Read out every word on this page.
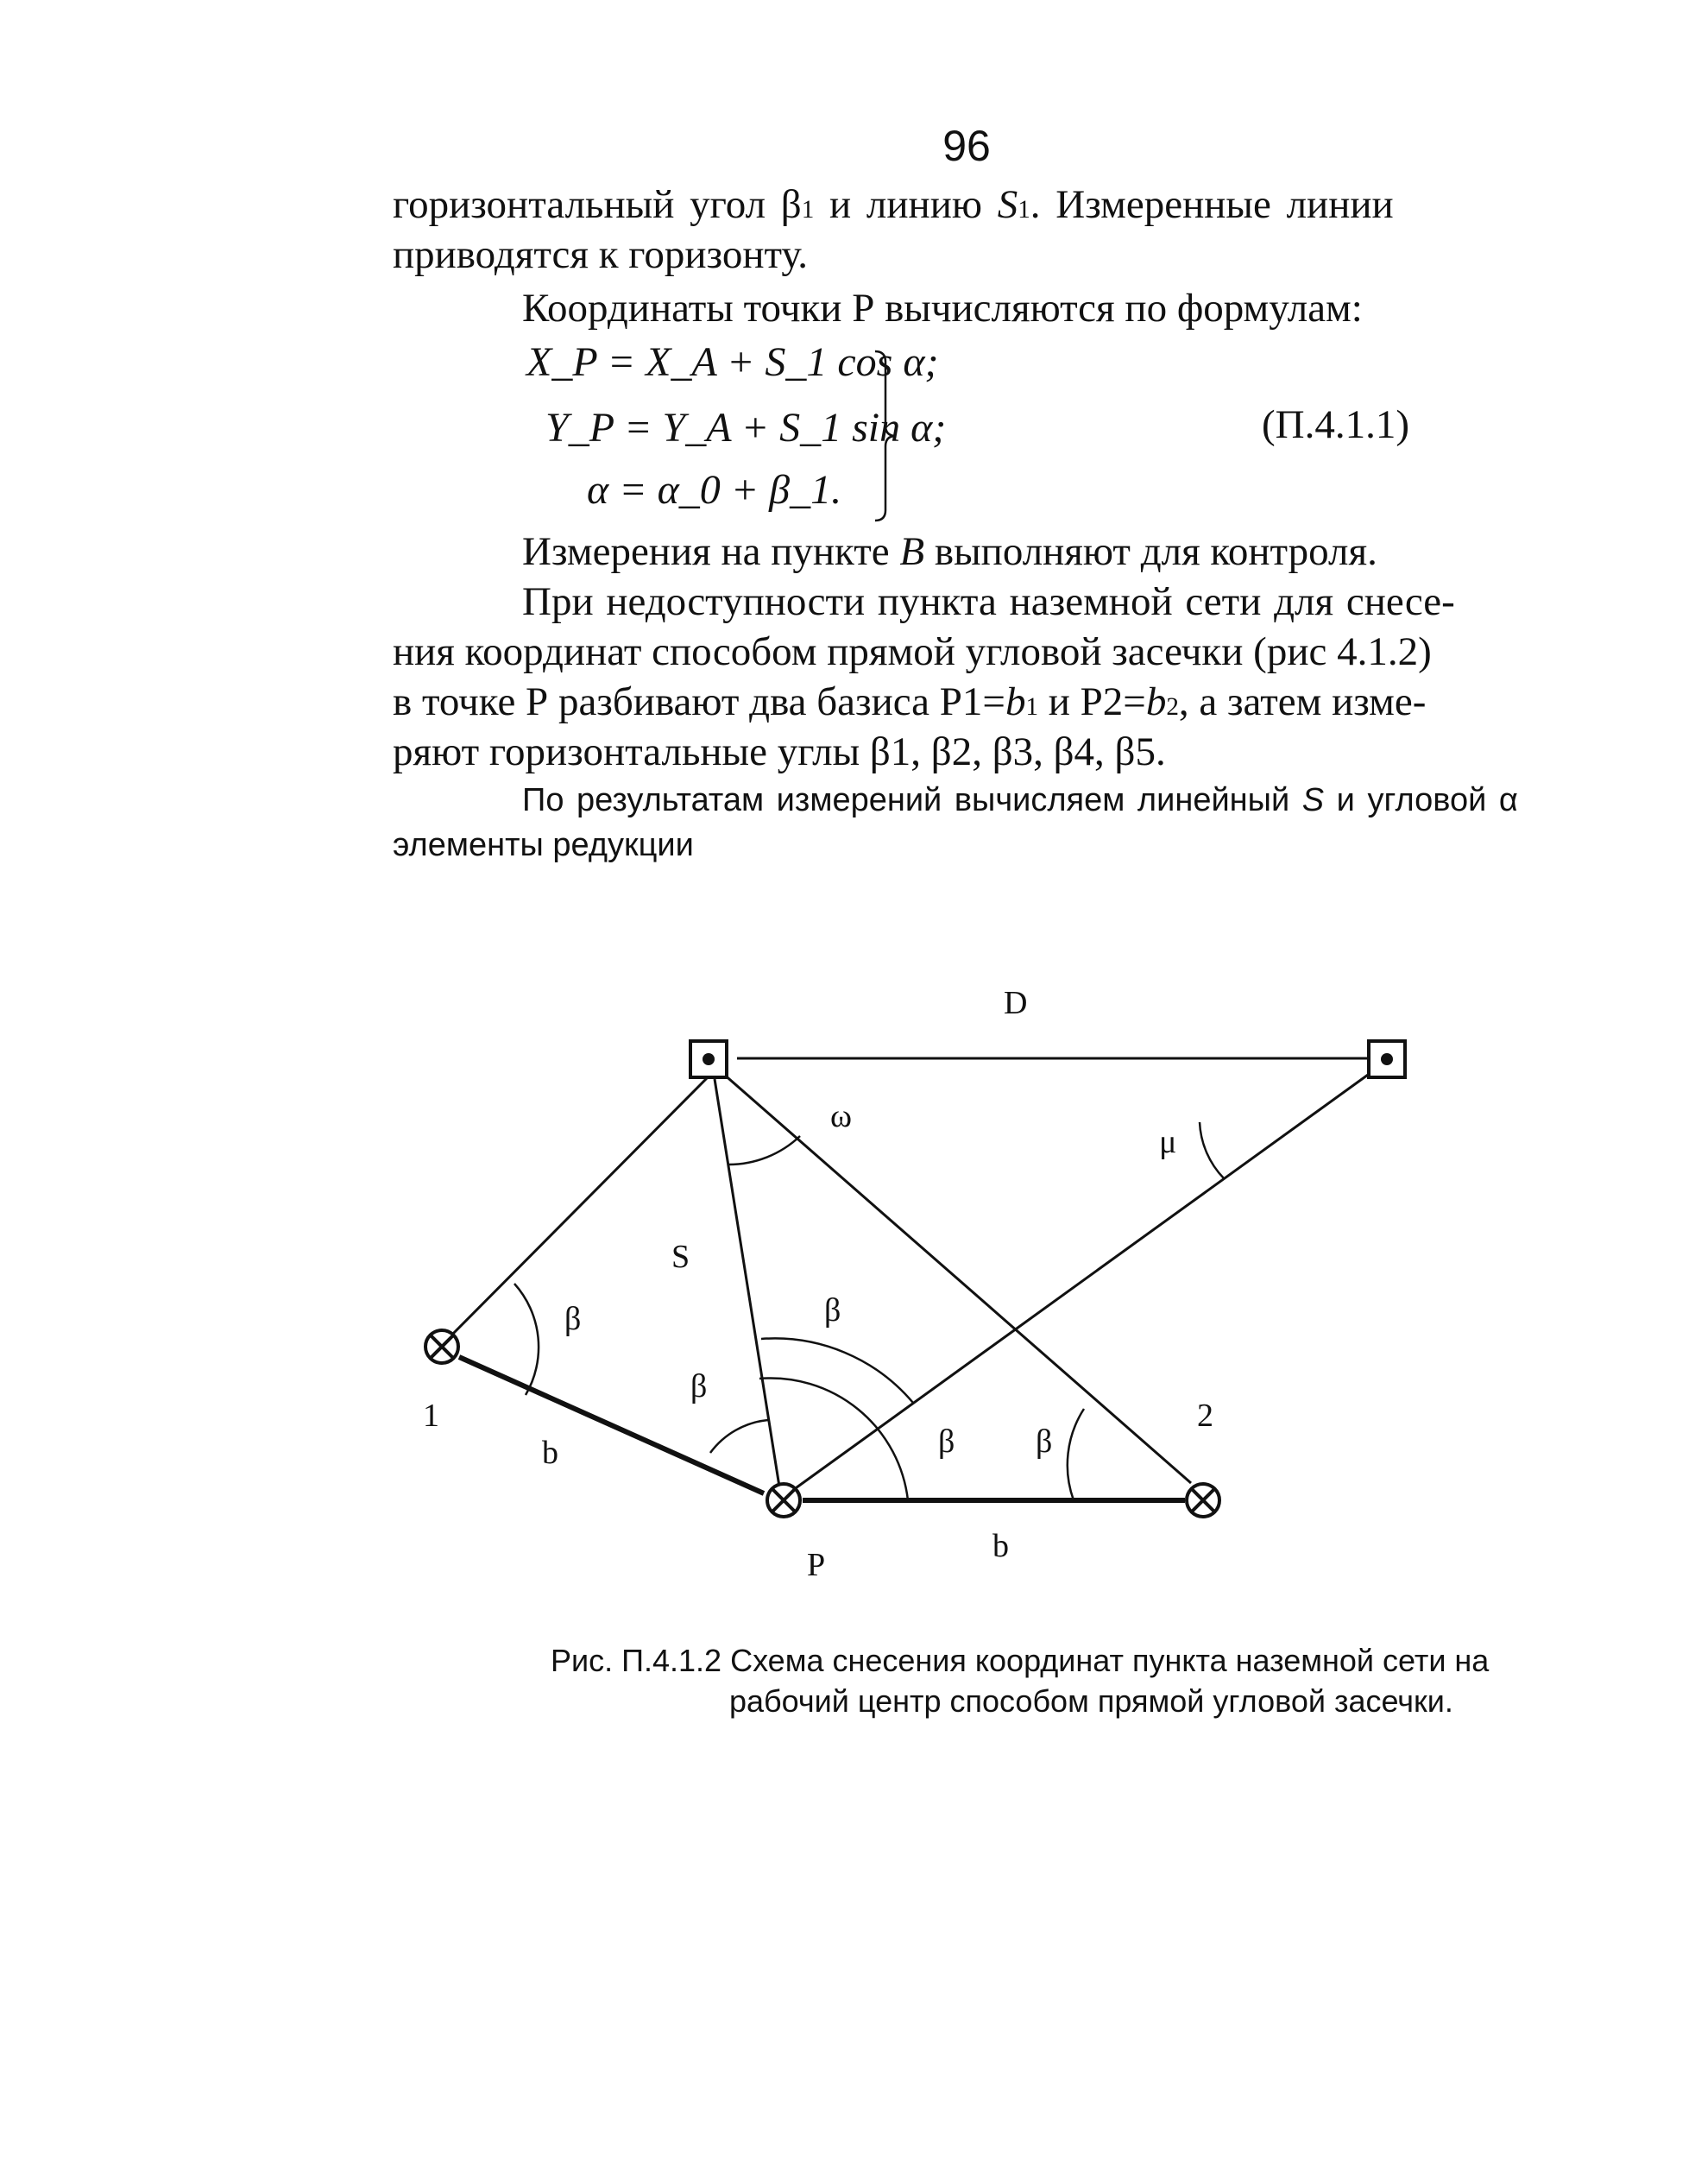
96
горизонтальный угол β1 и линию S1. Измеренные линии
приводятся к горизонту.
Координаты точки Р вычисляются по формулам:
X_P = X_A + S_1 cos α;
Y_P = Y_A + S_1 sin α;
α = α_0 + β_1.
(П.4.1.1)
Измерения на пункте B выполняют для контроля.
При недоступности пункта наземной сети для снесе-
ния координат способом прямой угловой засечки (рис 4.1.2)
в точке Р разбивают два базиса Р1=b1 и Р2=b2, а затем изме-
ряют горизонтальные углы β1, β2, β3, β4, β5.
По результатам измерений вычисляем линейный S и угловой α
элементы редукции
D
ω
μ
S
β
β
β
β β
1
b
2
P
b
Рис. П.4.1.2 Схема снесения координат пункта наземной сети на
рабочий центр способом прямой угловой засечки.
